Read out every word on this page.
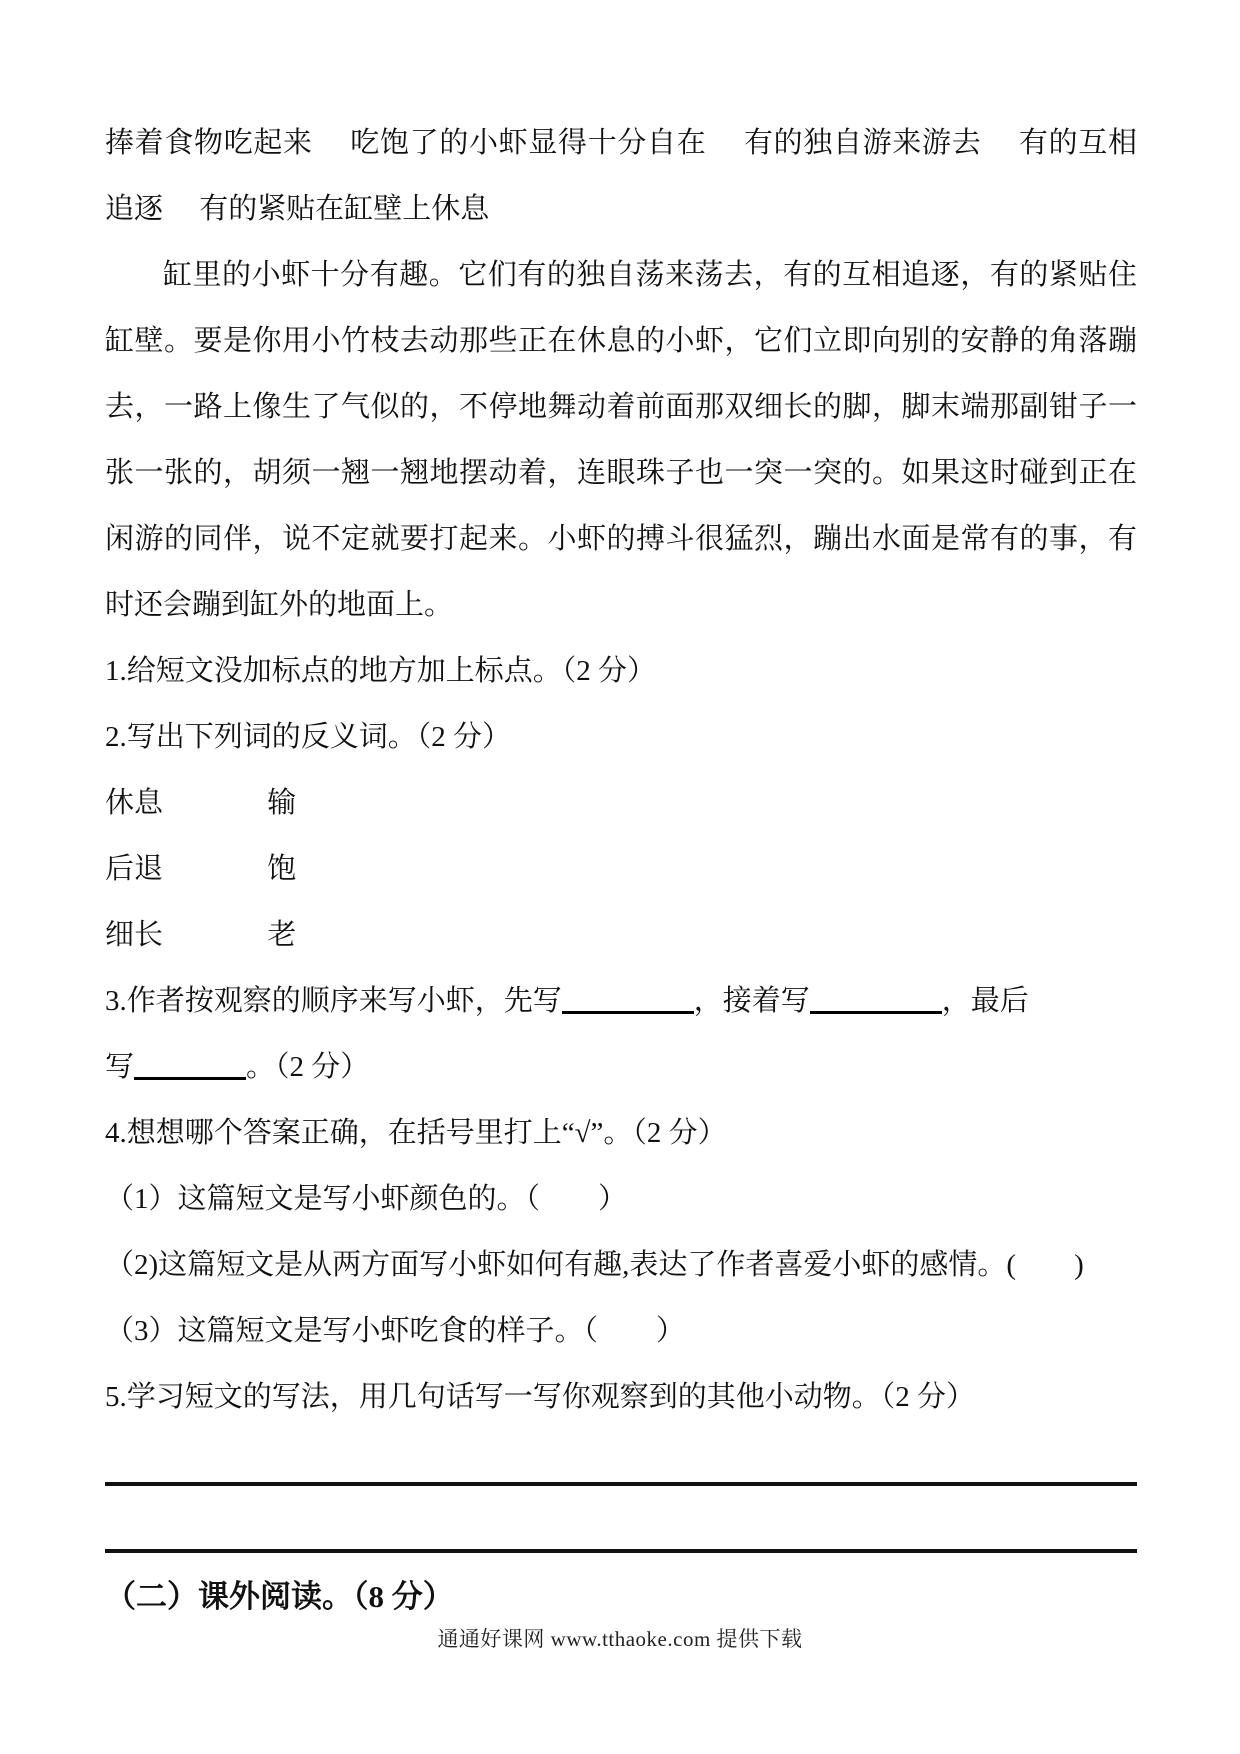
捧着食物吃起来　 吃饱了的小虾显得十分自在　 有的独自游来游去　 有的互相追逐　 有的紧贴在缸壁上休息
缸里的小虾十分有趣。它们有的独自荡来荡去，有的互相追逐，有的紧贴住缸壁。要是你用小竹枝去动那些正在休息的小虾，它们立即向别的安静的角落蹦去，一路上像生了气似的，不停地舞动着前面那双细长的脚，脚末端那副钳子一张一张的，胡须一翘一翘地摆动着，连眼珠子也一突一突的。如果这时碰到正在闲游的同伴，说不定就要打起来。小虾的搏斗很猛烈，蹦出水面是常有的事，有时还会蹦到缸外的地面上。
1.给短文没加标点的地方加上标点。（2 分）
2.写出下列词的反义词。（2 分）
休息	输
后退	饱
细长	老
3.作者按观察的顺序来写小虾，先写	，接着写	，最后
写	。（2 分）
4.想想哪个答案正确，在括号里打上“√”。（2 分）
（1）这篇短文是写小虾颜色的。（　　）
（2)这篇短文是从两方面写小虾如何有趣,表达了作者喜爱小虾的感情。(　　)
（3）这篇短文是写小虾吃食的样子。（　　）
5.学习短文的写法，用几句话写一写你观察到的其他小动物。（2 分）
（二）课外阅读。（8 分）
通通好课网 www.tthaoke.com 提供下载
